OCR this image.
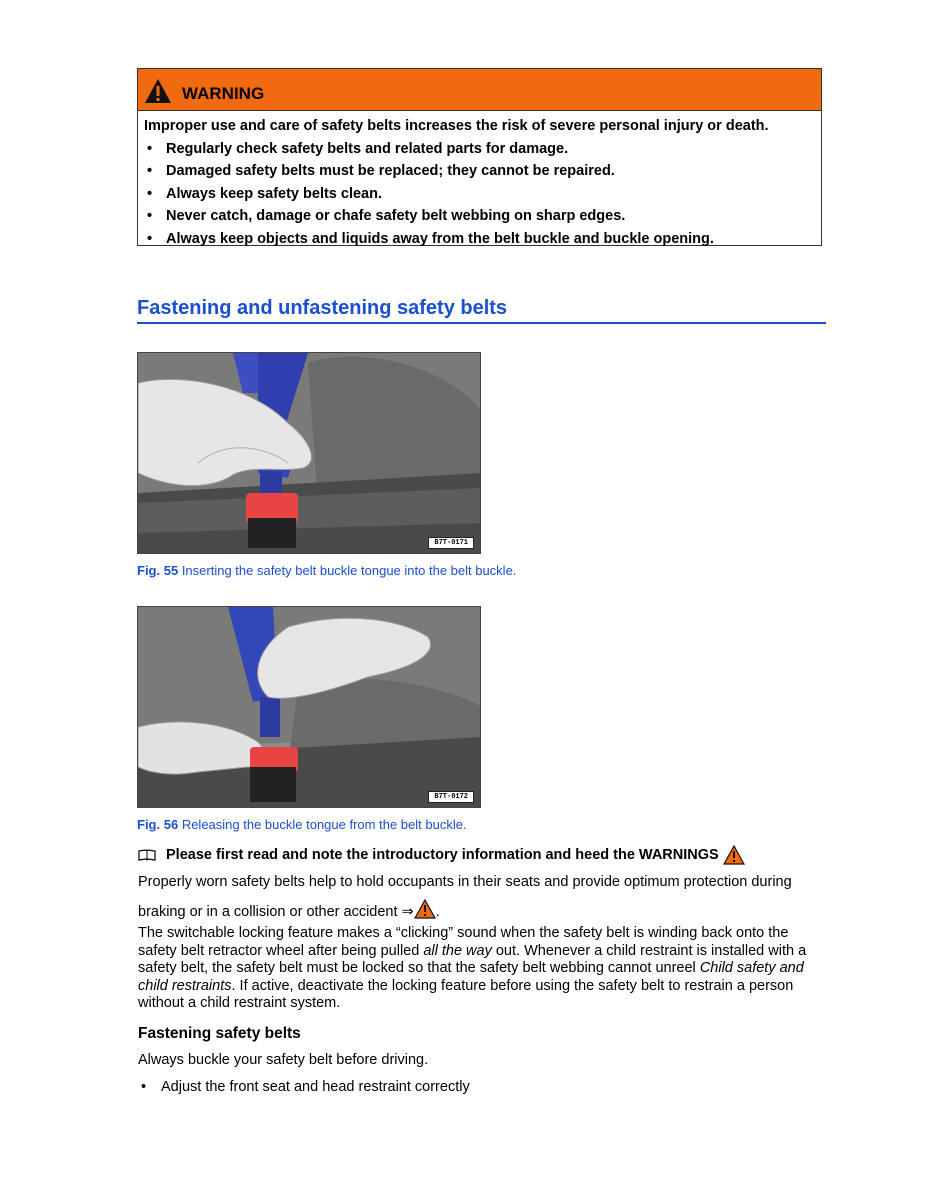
WARNING
Improper use and care of safety belts increases the risk of severe personal injury or death.
• Regularly check safety belts and related parts for damage.
• Damaged safety belts must be replaced; they cannot be repaired.
• Always keep safety belts clean.
• Never catch, damage or chafe safety belt webbing on sharp edges.
• Always keep objects and liquids away from the belt buckle and buckle opening.
Fastening and unfastening safety belts
B7T-0171
Fig. 55 Inserting the safety belt buckle tongue into the belt buckle.
B7T-0172
Fig. 56 Releasing the buckle tongue from the belt buckle.
Please first read and note the introductory information and heed the WARNINGS
Properly worn safety belts help to hold occupants in their seats and provide optimum protection during
braking or in a collision or other accident ⇒ .
The switchable locking feature makes a “clicking” sound when the safety belt is winding back onto the safety belt retractor wheel after being pulled all the way out. Whenever a child restraint is installed with a safety belt, the safety belt must be locked so that the safety belt webbing cannot unreel Child safety and child restraints. If active, deactivate the locking feature before using the safety belt to restrain a person without a child restraint system.
Fastening safety belts
Always buckle your safety belt before driving.
• Adjust the front seat and head restraint correctly
